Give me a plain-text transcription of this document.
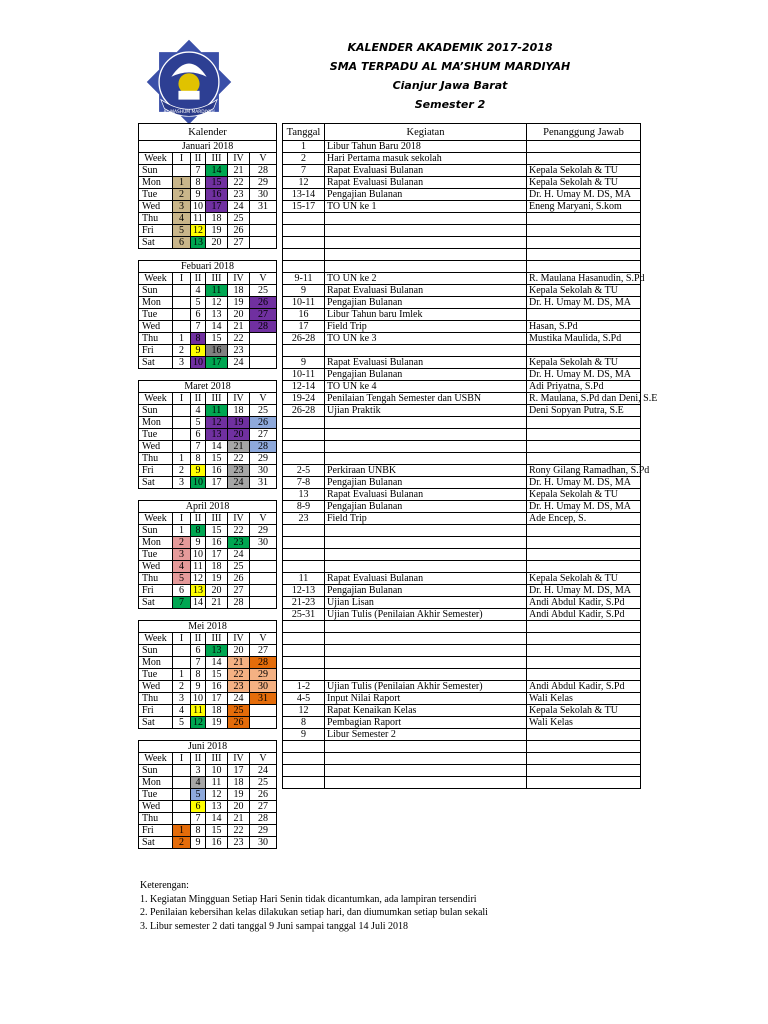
AL MASHUM MARDIYAH
KALENDER AKADEMIK 2017-2018
SMA TERPADU AL MA’SHUM MARDIYAH
Cianjur Jawa Barat
Semester 2
Kalender					
Januari 2018					
Week	I	II	III	IV	V
Sun		7	14	21	28
Mon	1	8	15	22	29
Tue	2	9	16	23	30
Wed	3	10	17	24	31
Thu	4	11	18	25	
Fri	5	12	19	26	
Sat	6	13	20	27	

Febuari 2018					
Week	I	II	III	IV	V
Sun		4	11	18	25
Mon		5	12	19	26
Tue		6	13	20	27
Wed		7	14	21	28
Thu	1	8	15	22	
Fri	2	9	16	23	
Sat	3	10	17	24	

Maret 2018					
Week	I	II	III	IV	V
Sun		4	11	18	25
Mon		5	12	19	26
Tue		6	13	20	27
Wed		7	14	21	28
Thu	1	8	15	22	29
Fri	2	9	16	23	30
Sat	3	10	17	24	31

April 2018					
Week	I	II	III	IV	V
Sun	1	8	15	22	29
Mon	2	9	16	23	30
Tue	3	10	17	24	
Wed	4	11	18	25	
Thu	5	12	19	26	
Fri	6	13	20	27	
Sat	7	14	21	28	

Mei 2018					
Week	I	II	III	IV	V
Sun		6	13	20	27
Mon		7	14	21	28
Tue	1	8	15	22	29
Wed	2	9	16	23	30
Thu	3	10	17	24	31
Fri	4	11	18	25	
Sat	5	12	19	26	

Juni 2018					
Week	I	II	III	IV	V
Sun		3	10	17	24
Mon		4	11	18	25
Tue		5	12	19	26
Wed		6	13	20	27
Thu		7	14	21	28
Fri	1	8	15	22	29
Sat	2	9	16	23	30
Tanggal	Kegiatan	Penanggung Jawab
1	Libur Tahun Baru 2018	
2	Hari Pertama masuk sekolah	
7	Rapat Evaluasi Bulanan	Kepala Sekolah & TU
12	Rapat Evaluasi Bulanan	Kepala Sekolah & TU
13-14	Pengajian Bulanan	Dr. H. Umay M. DS, MA
15-17	TO UN ke 1	Eneng Maryani, S.kom

9-11	TO UN ke 2	R. Maulana Hasanudin, S.Pd
9	Rapat Evaluasi Bulanan	Kepala Sekolah & TU
10-11	Pengajian Bulanan	Dr. H. Umay M. DS, MA
16	Libur Tahun baru Imlek	
17	Field Trip	Hasan, S.Pd
26-28	TO UN ke 3	Mustika Maulida, S.Pd

9	Rapat Evaluasi Bulanan	Kepala Sekolah & TU
10-11	Pengajian Bulanan	Dr. H. Umay M. DS, MA
12-14	TO UN ke 4	Adi Priyatna, S.Pd
19-24	Penilaian Tengah Semester dan USBN	R. Maulana, S.Pd dan Deni, S.E
26-28	Ujian Praktik	Deni Sopyan Putra, S.E

2-5	Perkiraan UNBK	Rony Gilang Ramadhan, S.Pd
7-8	Pengajian Bulanan	Dr. H. Umay M. DS, MA
13	Rapat Evaluasi Bulanan	Kepala Sekolah & TU
8-9	Pengajian Bulanan	Dr. H. Umay M. DS, MA
23	Field Trip	Ade Encep, S.

11	Rapat Evaluasi Bulanan	Kepala Sekolah & TU
12-13	Pengajian Bulanan	Dr. H. Umay M. DS, MA
21-23	Ujian Lisan	Andi Abdul Kadir, S.Pd
25-31	Ujian Tulis (Penilaian Akhir Semester)	Andi Abdul Kadir, S.Pd

1-2	Ujian Tulis (Penilaian Akhir Semester)	Andi Abdul Kadir, S.Pd
4-5	Input Nilai Raport	Wali Kelas
12	Rapat Kenaikan Kelas	Kepala Sekolah & TU
8	Pembagian Raport	Wali Kelas
9	Libur Semester 2	

Keterengan:
1. Kegiatan Mingguan Setiap Hari Senin tidak dicantumkan, ada lampiran tersendiri
2. Penilaian kebersihan kelas dilakukan setiap hari, dan diumumkan setiap bulan sekali
3. Libur semester 2 dati tanggal 9 Juni sampai tanggal 14 Juli 2018
